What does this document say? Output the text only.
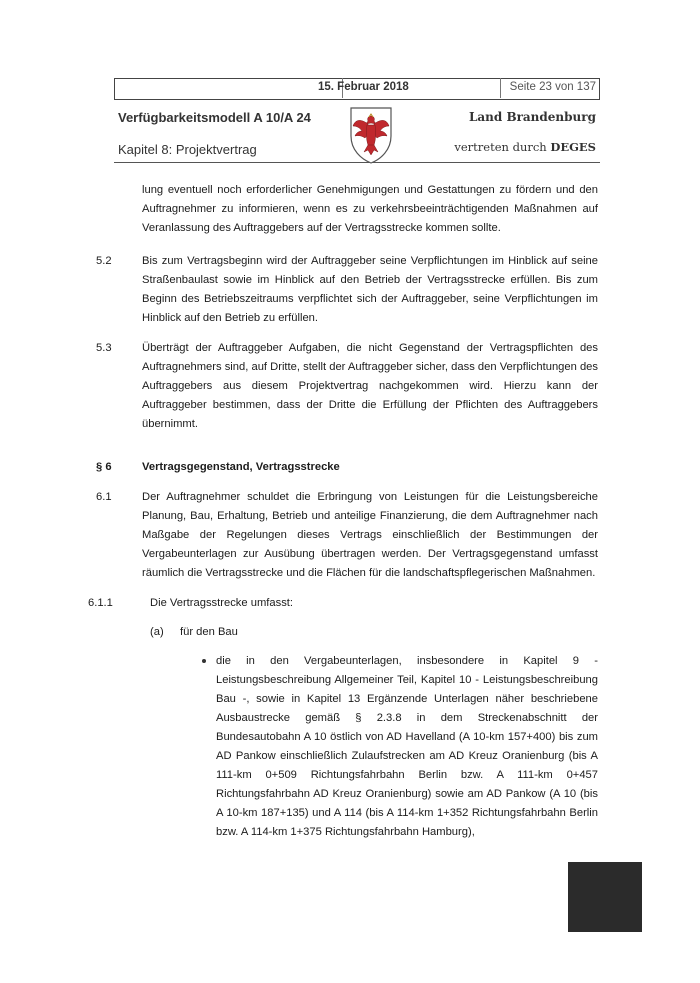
15. Februar 2018	Seite 23 von 137
Verfügbarkeitsmodell A 10/A 24
Kapitel 8: Projektvertrag
Land Brandenburg
vertreten durch DEGES
lung eventuell noch erforderlicher Genehmigungen und Gestattungen zu fördern und den Auftragnehmer zu informieren, wenn es zu verkehrsbeeinträchtigenden Maßnahmen auf Veranlassung des Auftraggebers auf der Vertragsstrecke kommen sollte.
5.2	Bis zum Vertragsbeginn wird der Auftraggeber seine Verpflichtungen im Hinblick auf seine Straßenbaulast sowie im Hinblick auf den Betrieb der Vertragsstrecke erfüllen. Bis zum Beginn des Betriebszeitraums verpflichtet sich der Auftraggeber, seine Verpflichtungen im Hinblick auf den Betrieb zu erfüllen.
5.3	Überträgt der Auftraggeber Aufgaben, die nicht Gegenstand der Vertragspflichten des Auftragnehmers sind, auf Dritte, stellt der Auftraggeber sicher, dass den Verpflichtungen des Auftraggebers aus diesem Projektvertrag nachgekommen wird. Hierzu kann der Auftraggeber bestimmen, dass der Dritte die Erfüllung der Pflichten des Auftraggebers übernimmt.
§ 6	Vertragsgegenstand, Vertragsstrecke
6.1	Der Auftragnehmer schuldet die Erbringung von Leistungen für die Leistungsbereiche Planung, Bau, Erhaltung, Betrieb und anteilige Finanzierung, die dem Auftragnehmer nach Maßgabe der Regelungen dieses Vertrags einschließlich der Bestimmungen der Vergabeunterlagen zur Ausübung übertragen werden. Der Vertragsgegenstand umfasst räumlich die Vertragsstrecke und die Flächen für die landschaftspflegerischen Maßnahmen.
6.1.1	Die Vertragsstrecke umfasst:
(a) für den Bau
die in den Vergabeunterlagen, insbesondere in Kapitel 9 - Leistungsbeschreibung Allgemeiner Teil, Kapitel 10 - Leistungsbeschreibung Bau -, sowie in Kapitel 13 Ergänzende Unterlagen näher beschriebene Ausbaustrecke gemäß § 2.3.8 in dem Streckenabschnitt der Bundesautobahn A 10 östlich von AD Havelland (A 10-km 157+400) bis zum AD Pankow einschließlich Zulaufstrecken am AD Kreuz Oranienburg (bis A 111-km 0+509 Richtungsfahrbahn Berlin bzw. A 111-km 0+457 Richtungsfahrbahn AD Kreuz Oranienburg) sowie am AD Pankow (A 10 (bis A 10-km 187+135) und A 114 (bis A 114-km 1+352 Richtungsfahrbahn Berlin bzw. A 114-km 1+375 Richtungsfahrbahn Hamburg),
